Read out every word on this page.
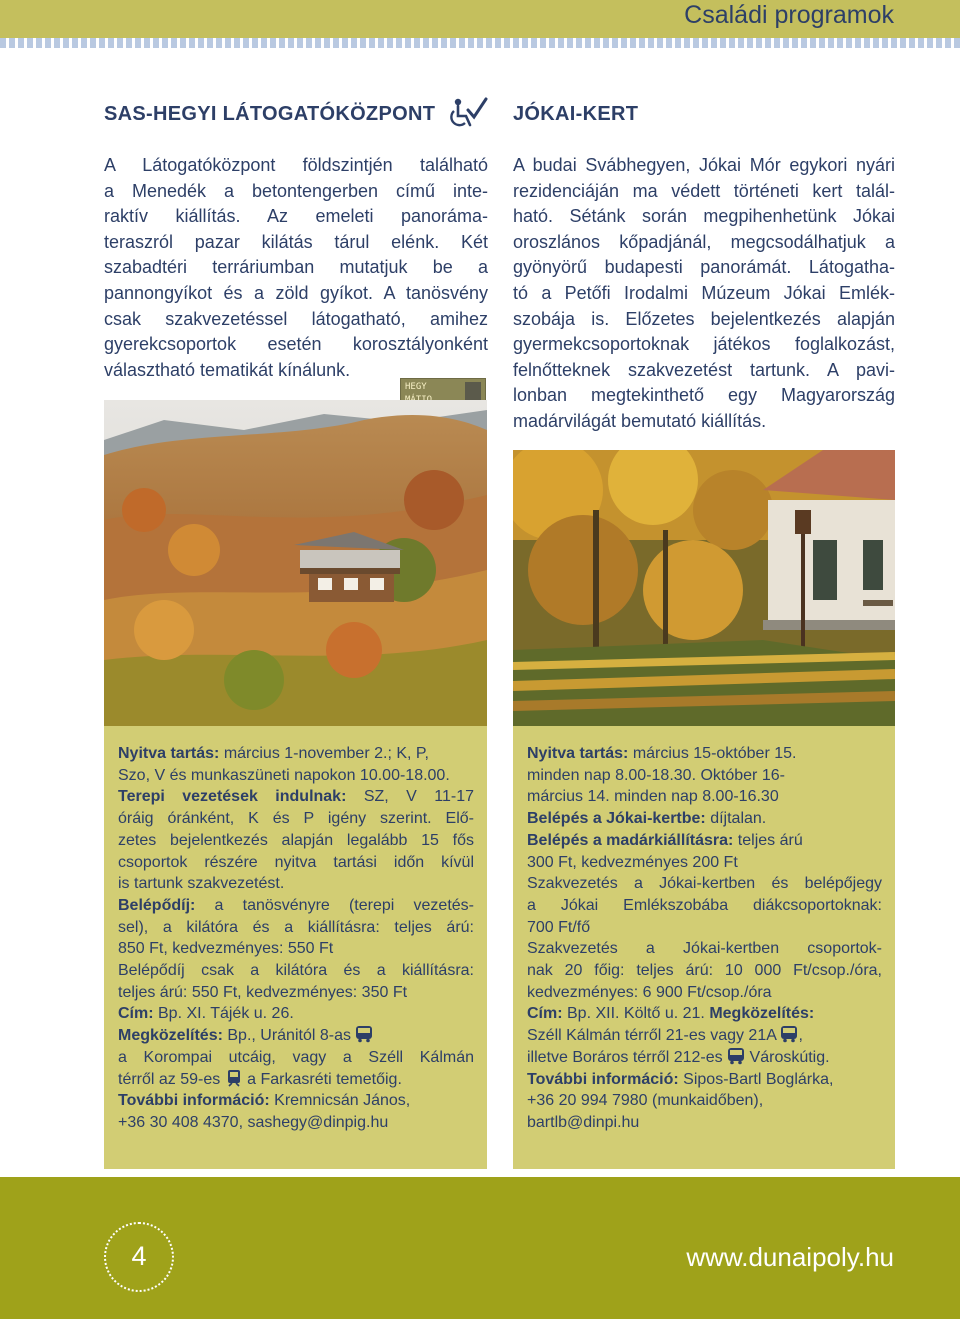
Családi programok
SAS-HEGYI LÁTOGATÓKÖZPONT
A Látogatóközpont földszintjén található
a Menedék a betontengerben című inte-
raktív kiállítás. Az emeleti panoráma-
teraszról pazar kilátás tárul elénk. Két
szabadtéri terráriumban mutatjuk be a
pannongyíkot és a zöld gyíkot. A tanösvény
csak szakvezetéssel látogatható, amihez
gyerekcsoportok esetén korosztályonként
választható tematikát kínálunk.
HEGY
Nyitva tartás: március 1-november 2.; K, P,
Szo, V és munkaszüneti napokon 10.00-18.00.
Terepi vezetések indulnak: SZ, V 11-17
óráig óránként, K és P igény szerint. Elő-
zetes bejelentkezés alapján legalább 15 fős
csoportok részére nyitva tartási időn kívül
is tartunk szakvezetést.
Belépődíj: a tanösvényre (terepi vezetés-
sel), a kilátóra és a kiállításra: teljes árú:
850 Ft, kedvezményes: 550 Ft
Belépődíj csak a kilátóra és a kiállításra:
teljes árú: 550 Ft, kedvezményes: 350 Ft
Cím: Bp. XI. Tájék u. 26.
Megközelítés: Bp., Uránitól 8-as
a Korompai utcáig, vagy a Széll Kálmán
térről az 59-es  a Farkasréti temetőig.
További információ: Kremnicsán János,
+36 30 408 4370, sashegy@dinpig.hu
JÓKAI-KERT
A budai Svábhegyen, Jókai Mór egykori nyári
rezidenciáján ma védett történeti kert talál-
ható. Sétánk során megpihenhetünk Jókai
oroszlános kőpadjánál, megcsodálhatjuk a
gyönyörű budapesti panorámát. Látogatha-
tó a Petőfi Irodalmi Múzeum Jókai Emlék-
szobája is. Előzetes bejelentkezés alapján
gyermekcsoportoknak játékos foglalkozást,
felnőtteknek szakvezetést tartunk. A pavi-
lonban megtekinthető egy Magyarország
madárvilágát bemutató kiállítás.
Nyitva tartás: március 15-október 15.
minden nap 8.00-18.30. Október 16-
március 14. minden nap 8.00-16.30
Belépés a Jókai-kertbe: díjtalan.
Belépés a madárkiállításra: teljes árú
300 Ft, kedvezményes 200 Ft
Szakvezetés a Jókai-kertben és belépőjegy
a Jókai Emlékszobába diákcsoportoknak:
700 Ft/fő
Szakvezetés a Jókai-kertben csoportok-
nak 20 főig: teljes árú: 10 000 Ft/csop./óra,
kedvezményes: 6 900 Ft/csop./óra
Cím: Bp. XII. Költő u. 21. Megközelítés:
Széll Kálmán térről 21-es vagy 21A ,
illetve Boráros térről 212-es  Városkútig.
További információ: Sipos-Bartl Boglárka,
+36 20 994 7980 (munkaidőben),
bartlb@dinpi.hu
4	www.dunaipoly.hu
